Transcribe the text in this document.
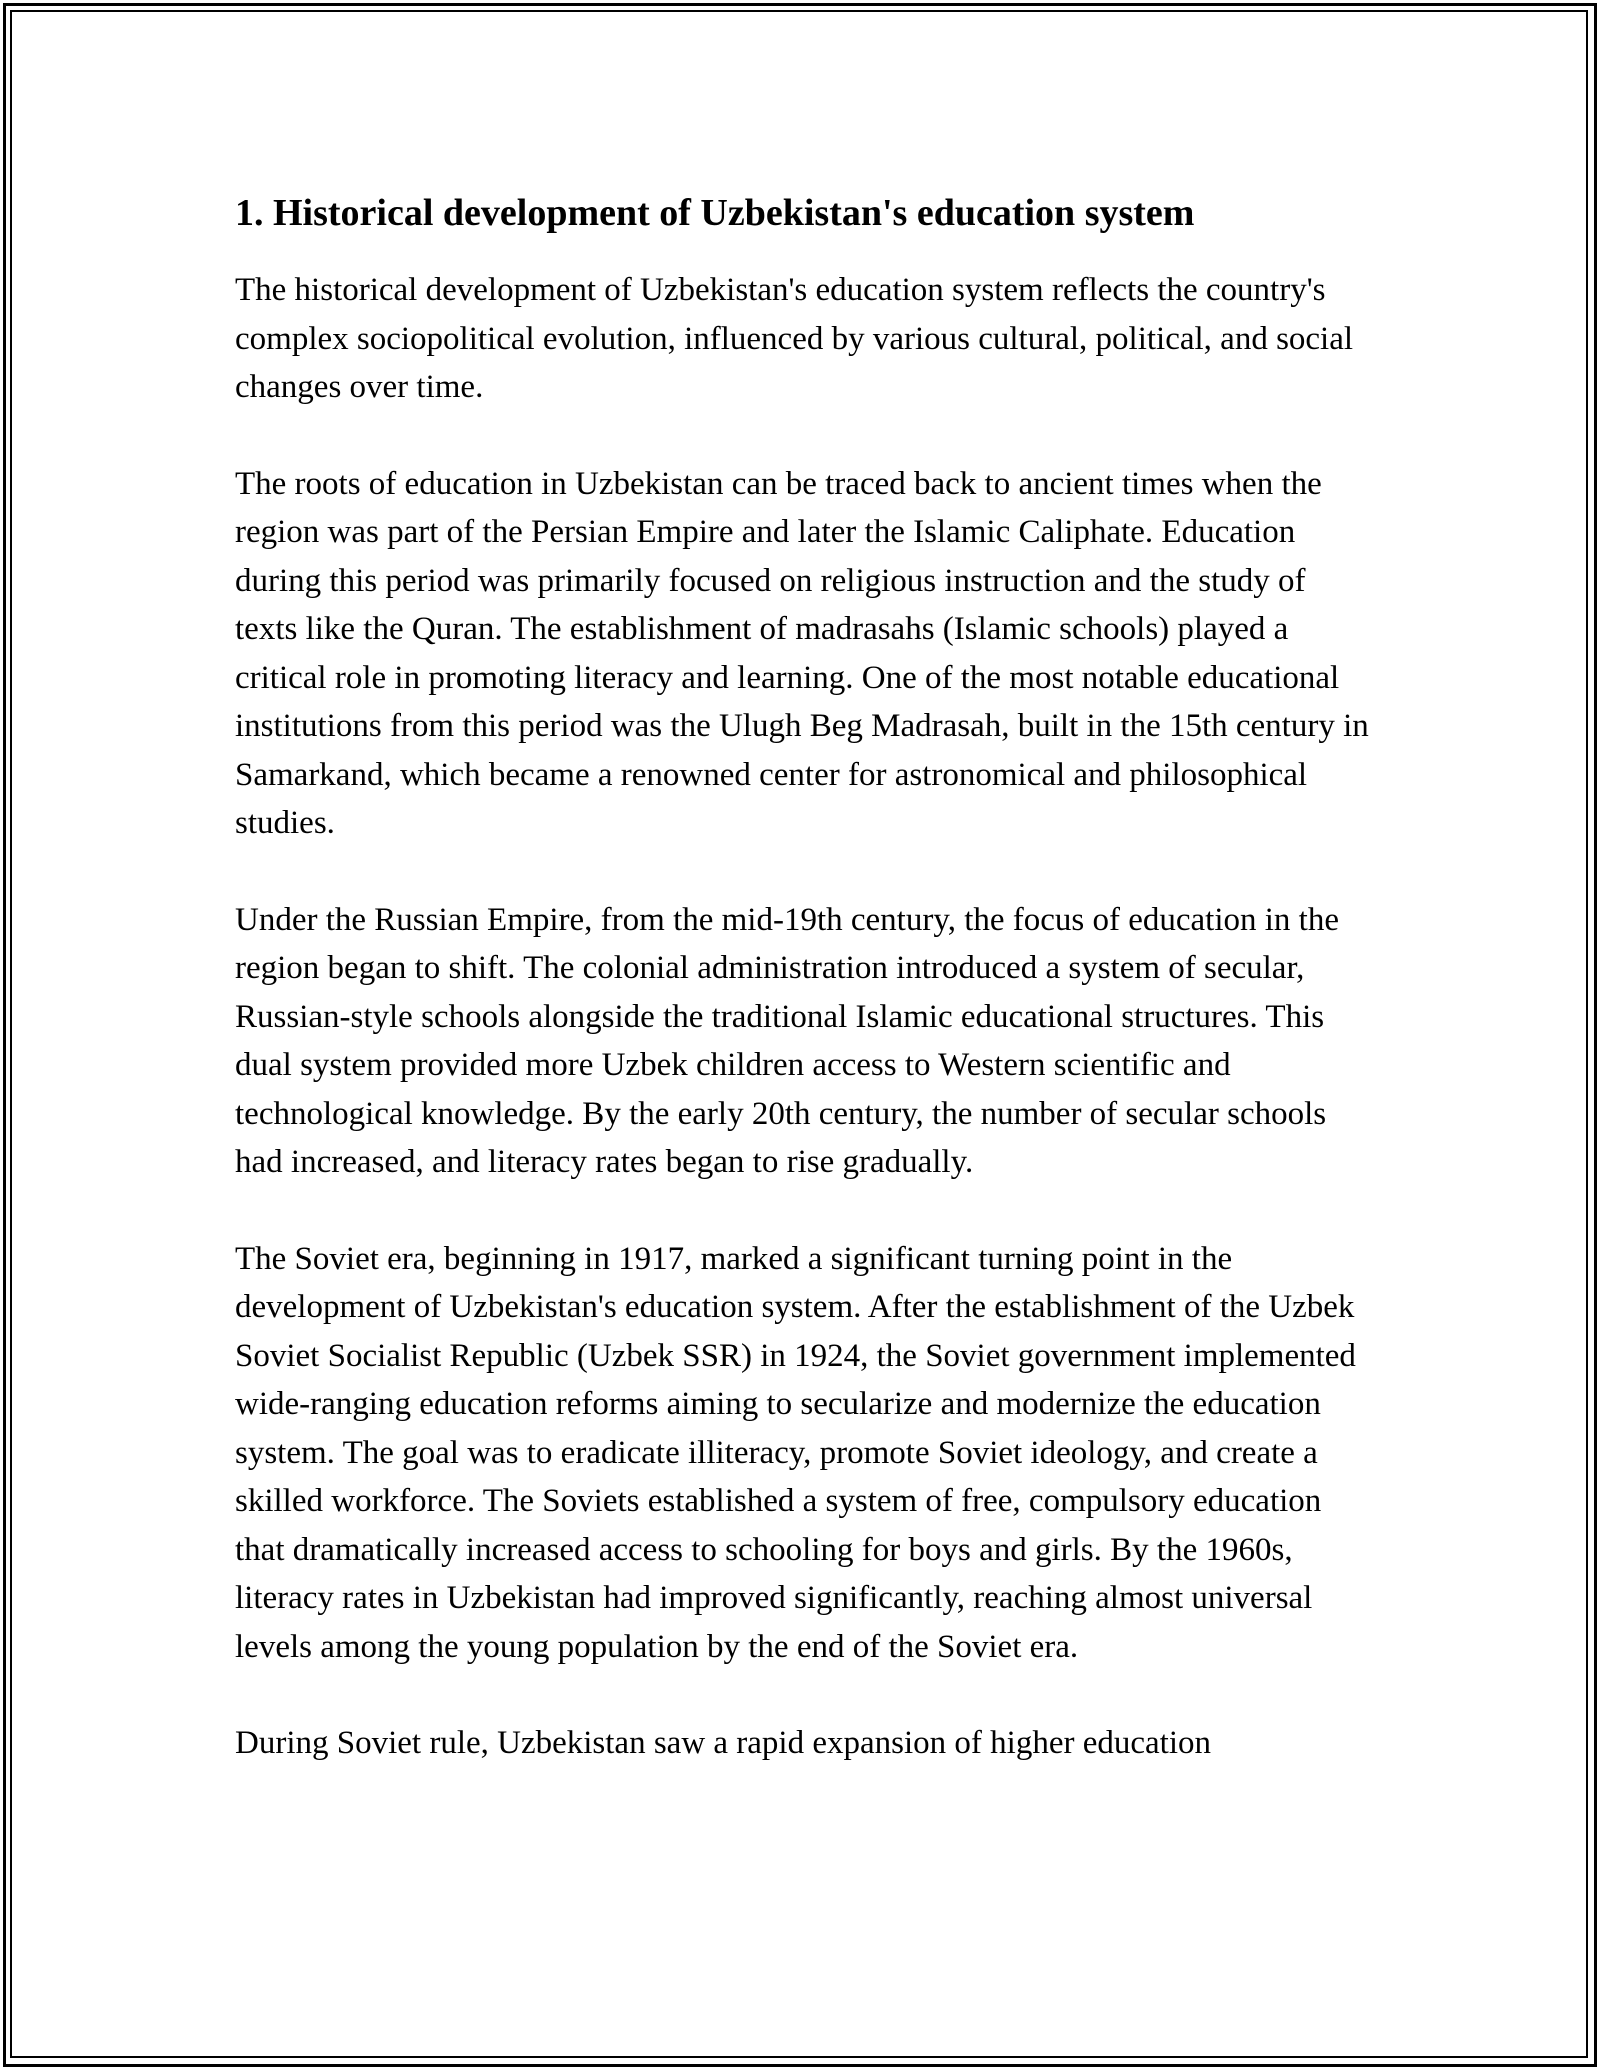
1. Historical development of Uzbekistan's education system

The historical development of Uzbekistan's education system reflects the country's complex sociopolitical evolution, influenced by various cultural, political, and social changes over time.

The roots of education in Uzbekistan can be traced back to ancient times when the region was part of the Persian Empire and later the Islamic Caliphate. Education during this period was primarily focused on religious instruction and the study of texts like the Quran. The establishment of madrasahs (Islamic schools) played a critical role in promoting literacy and learning. One of the most notable educational institutions from this period was the Ulugh Beg Madrasah, built in the 15th century in Samarkand, which became a renowned center for astronomical and philosophical studies.

Under the Russian Empire, from the mid-19th century, the focus of education in the region began to shift. The colonial administration introduced a system of secular, Russian-style schools alongside the traditional Islamic educational structures. This dual system provided more Uzbek children access to Western scientific and technological knowledge. By the early 20th century, the number of secular schools had increased, and literacy rates began to rise gradually.

The Soviet era, beginning in 1917, marked a significant turning point in the development of Uzbekistan's education system. After the establishment of the Uzbek Soviet Socialist Republic (Uzbek SSR) in 1924, the Soviet government implemented wide-ranging education reforms aiming to secularize and modernize the education system. The goal was to eradicate illiteracy, promote Soviet ideology, and create a skilled workforce. The Soviets established a system of free, compulsory education that dramatically increased access to schooling for boys and girls. By the 1960s, literacy rates in Uzbekistan had improved significantly, reaching almost universal levels among the young population by the end of the Soviet era.

During Soviet rule, Uzbekistan saw a rapid expansion of higher education
